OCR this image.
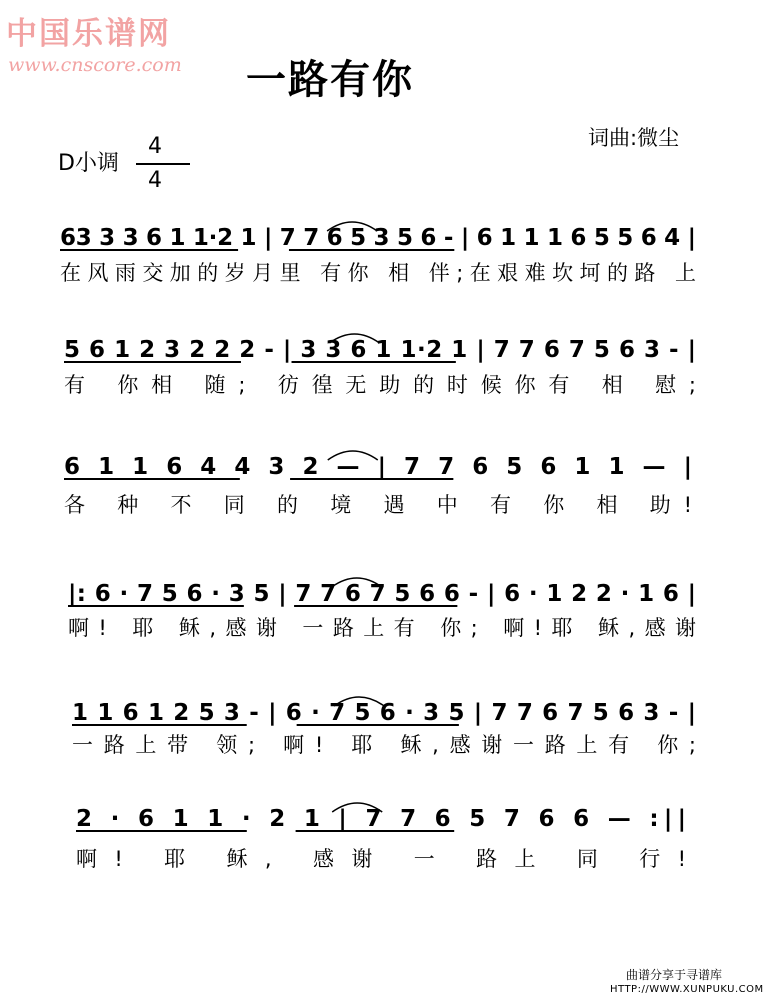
中国乐谱网
www.cnscore.com 一路有你
词曲:微尘
D小调
4
4
63 3 3 6 1 1·2 1 | 7 7 6 5 3 5 6 - | 6 1 1 1 6 5 5 6 4 |
在风雨交加的岁月里 有你 相 伴;在艰难坎坷的路 上
5 6 1 2 3 2 2 2 - | 3 3 6 1 1·2 1 | 7 7 6 7 5 6 3 - |
有 你相 随; 彷徨无助的时候你有 相 慰;
6 1 1 6 4 4 3 2 — | 7 7 6 5 6 1 1 — |
各 种 不 同 的 境 遇 中 有 你 相 助!
|: 6 · 7 5 6 · 3 5 | 7 7 6 7 5 6 6 - | 6 · 1 2 2 · 1 6 |
啊! 耶 稣,感谢 一路上有 你; 啊!耶 稣,感谢
1 1 6 1 2 5 3 - | 6 · 7 5 6 · 3 5 | 7 7 6 7 5 6 3 - |
一路上带 领; 啊! 耶 稣,感谢一路上有 你;
2 · 6 1 1 · 2 1 | 7 7 6 5 7 6 6 — :||
啊! 耶 稣, 感谢 一 路上 同 行!
曲谱分享于寻谱库
HTTP://WWW.XUNPUKU.COM
